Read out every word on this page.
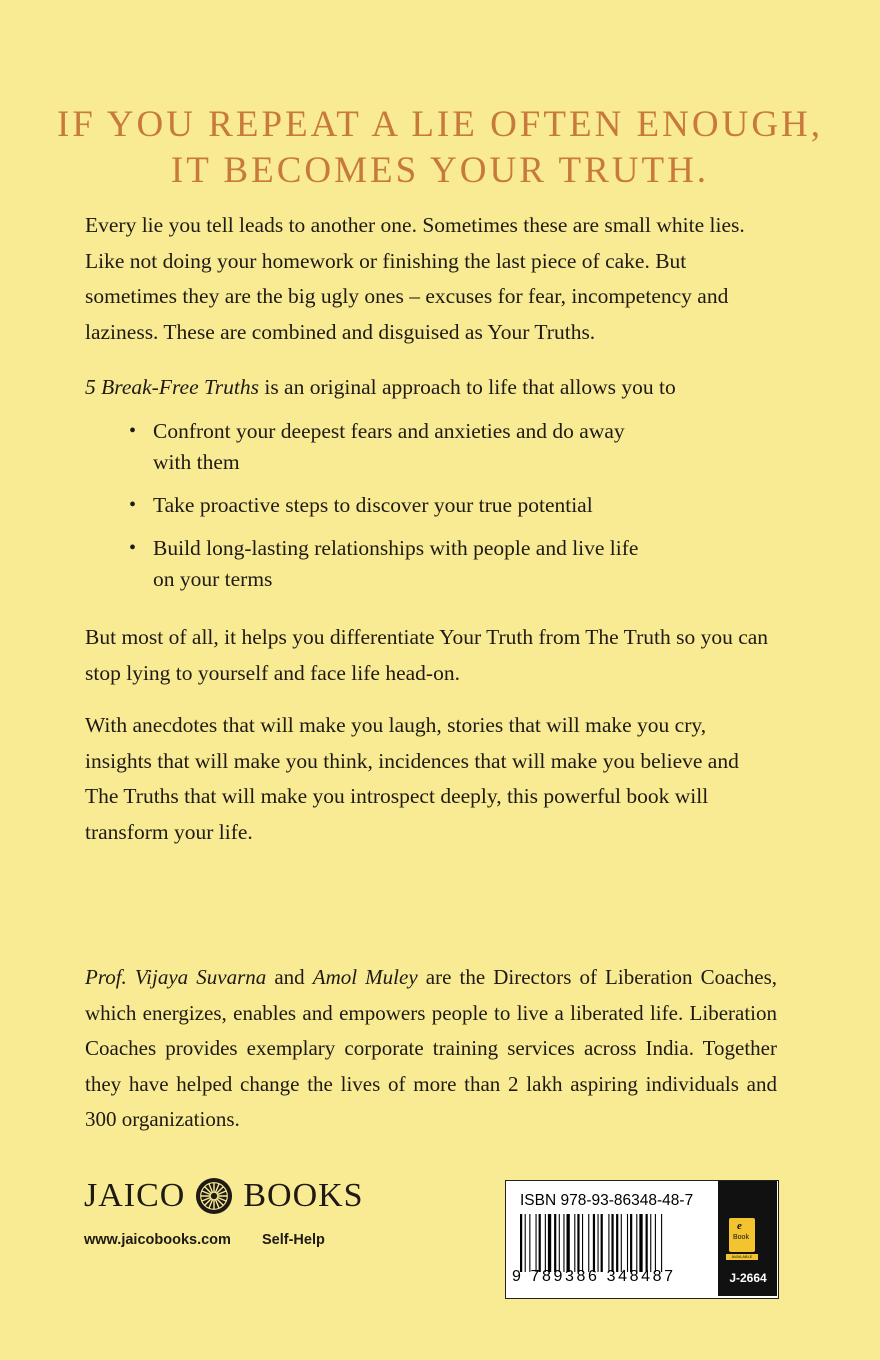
IF YOU REPEAT A LIE OFTEN ENOUGH,
IT BECOMES YOUR TRUTH.
Every lie you tell leads to another one. Sometimes these are small white lies. Like not doing your homework or finishing the last piece of cake. But sometimes they are the big ugly ones – excuses for fear, incompetency and laziness. These are combined and disguised as Your Truths.
5 Break-Free Truths is an original approach to life that allows you to
• Confront your deepest fears and anxieties and do away with them
• Take proactive steps to discover your true potential
• Build long-lasting relationships with people and live life on your terms
But most of all, it helps you differentiate Your Truth from The Truth so you can stop lying to yourself and face life head-on.
With anecdotes that will make you laugh, stories that will make you cry, insights that will make you think, incidences that will make you believe and The Truths that will make you introspect deeply, this powerful book will transform your life.
Prof. Vijaya Suvarna and Amol Muley are the Directors of Liberation Coaches, which energizes, enables and empowers people to live a liberated life. Liberation Coaches provides exemplary corporate training services across India. Together they have helped change the lives of more than 2 lakh aspiring individuals and 300 organizations.
JAICO BOOKS
www.jaicobooks.com Self-Help
ISBN 978-93-86348-48-7
9 789386 348487
e
Book
AVAILABLE
J-2664
